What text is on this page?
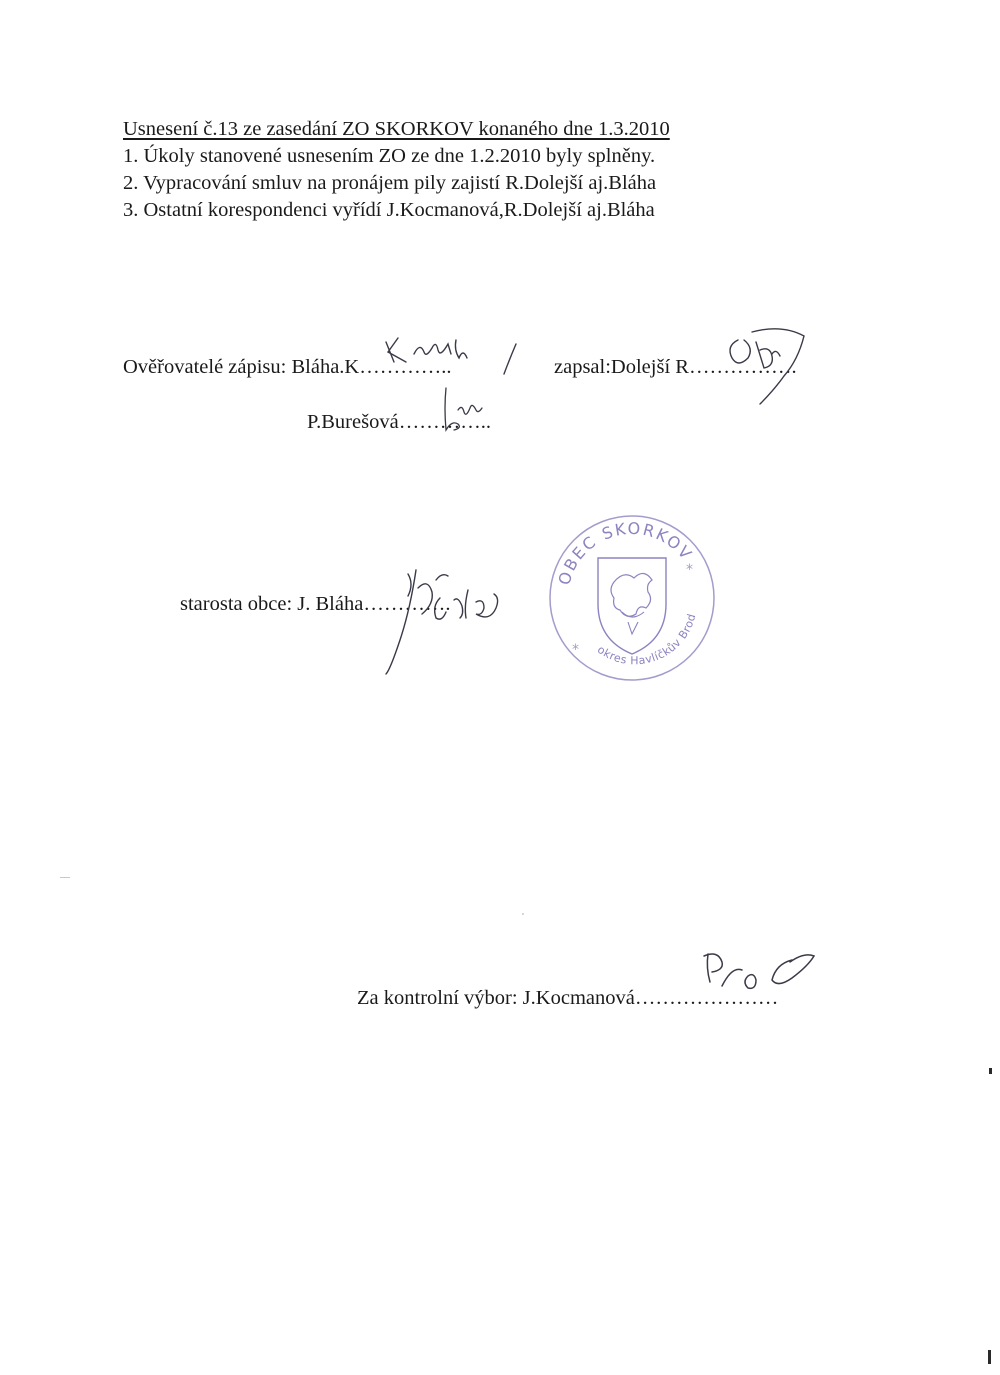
Usnesení č.13 ze zasedání ZO SKORKOV konaného dne 1.3.2010
1. Úkoly stanovené usnesením ZO ze dne 1.2.2010 byly splněny.
2. Vypracování smluv na pronájem pily zajistí R.Dolejší aj.Bláha
3. Ostatní korespondenci vyřídí J.Kocmanová,R.Dolejší aj.Bláha
Ověřovatelé zápisu: Bláha.K…………..	zapsal:Dolejší R…………….
P.Burešová…………..
starosta obce: J. Bláha………….
Za kontrolní výbor: J.Kocmanová…………………
OBEC SKORKOV
okres Havlíčkův Brod
*
*
